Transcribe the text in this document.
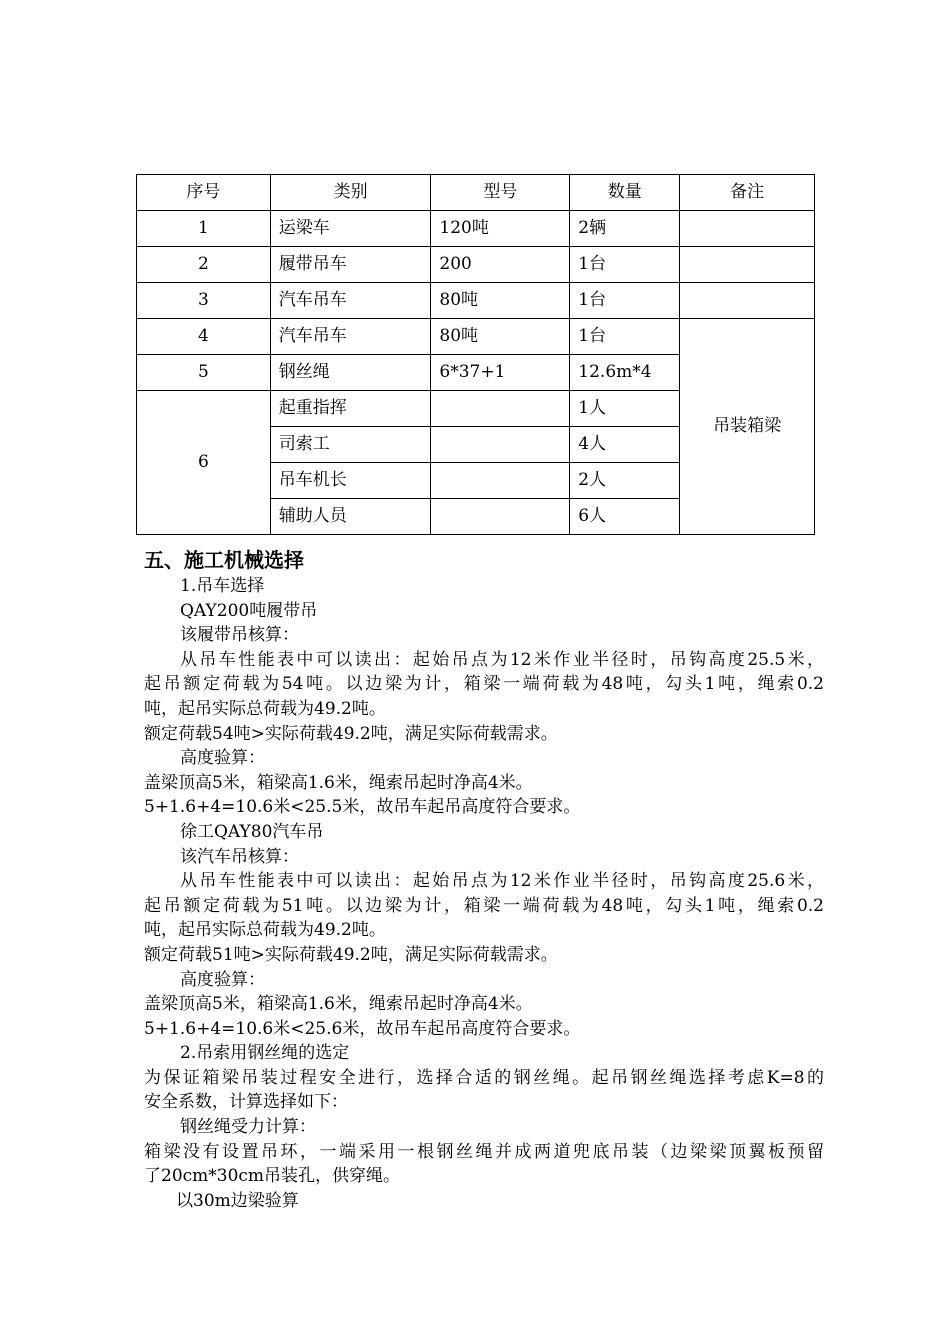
序号	类别	型号	数量	备注
1	运梁车	120吨	2辆	
2	履带吊车	200	1台	
3	汽车吊车	80吨	1台	
4	汽车吊车	80吨	1台	吊装箱梁
5	钢丝绳	6*37+1	12.6m*4	
6	起重指挥		1人	
	司索工		4人	
	吊车机长		2人	
	辅助人员		6人	
五、施工机械选择
1.吊车选择
QAY200吨履带吊
该履带吊核算：
从吊车性能表中可以读出：起始吊点为12米作业半径时，吊钩高度25.5米，
起吊额定荷载为54吨。以边梁为计，箱梁一端荷载为48吨，勾头1吨，绳索0.2
吨，起吊实际总荷载为49.2吨。
额定荷载54吨>实际荷载49.2吨，满足实际荷载需求。
高度验算：
盖梁顶高5米，箱梁高1.6米，绳索吊起时净高4米。
5+1.6+4=10.6米<25.5米，故吊车起吊高度符合要求。
徐工QAY80汽车吊
该汽车吊核算：
从吊车性能表中可以读出：起始吊点为12米作业半径时，吊钩高度25.6米，
起吊额定荷载为51吨。以边梁为计，箱梁一端荷载为48吨，勾头1吨，绳索0.2
吨，起吊实际总荷载为49.2吨。
额定荷载51吨>实际荷载49.2吨，满足实际荷载需求。
高度验算：
盖梁顶高5米，箱梁高1.6米，绳索吊起时净高4米。
5+1.6+4=10.6米<25.6米，故吊车起吊高度符合要求。
2.吊索用钢丝绳的选定
为保证箱梁吊装过程安全进行，选择合适的钢丝绳。起吊钢丝绳选择考虑K=8的
安全系数，计算选择如下：
钢丝绳受力计算：
箱梁没有设置吊环，一端采用一根钢丝绳并成两道兜底吊装（边梁梁顶翼板预留
了20cm*30cm吊装孔，供穿绳。
以30m边梁验算
